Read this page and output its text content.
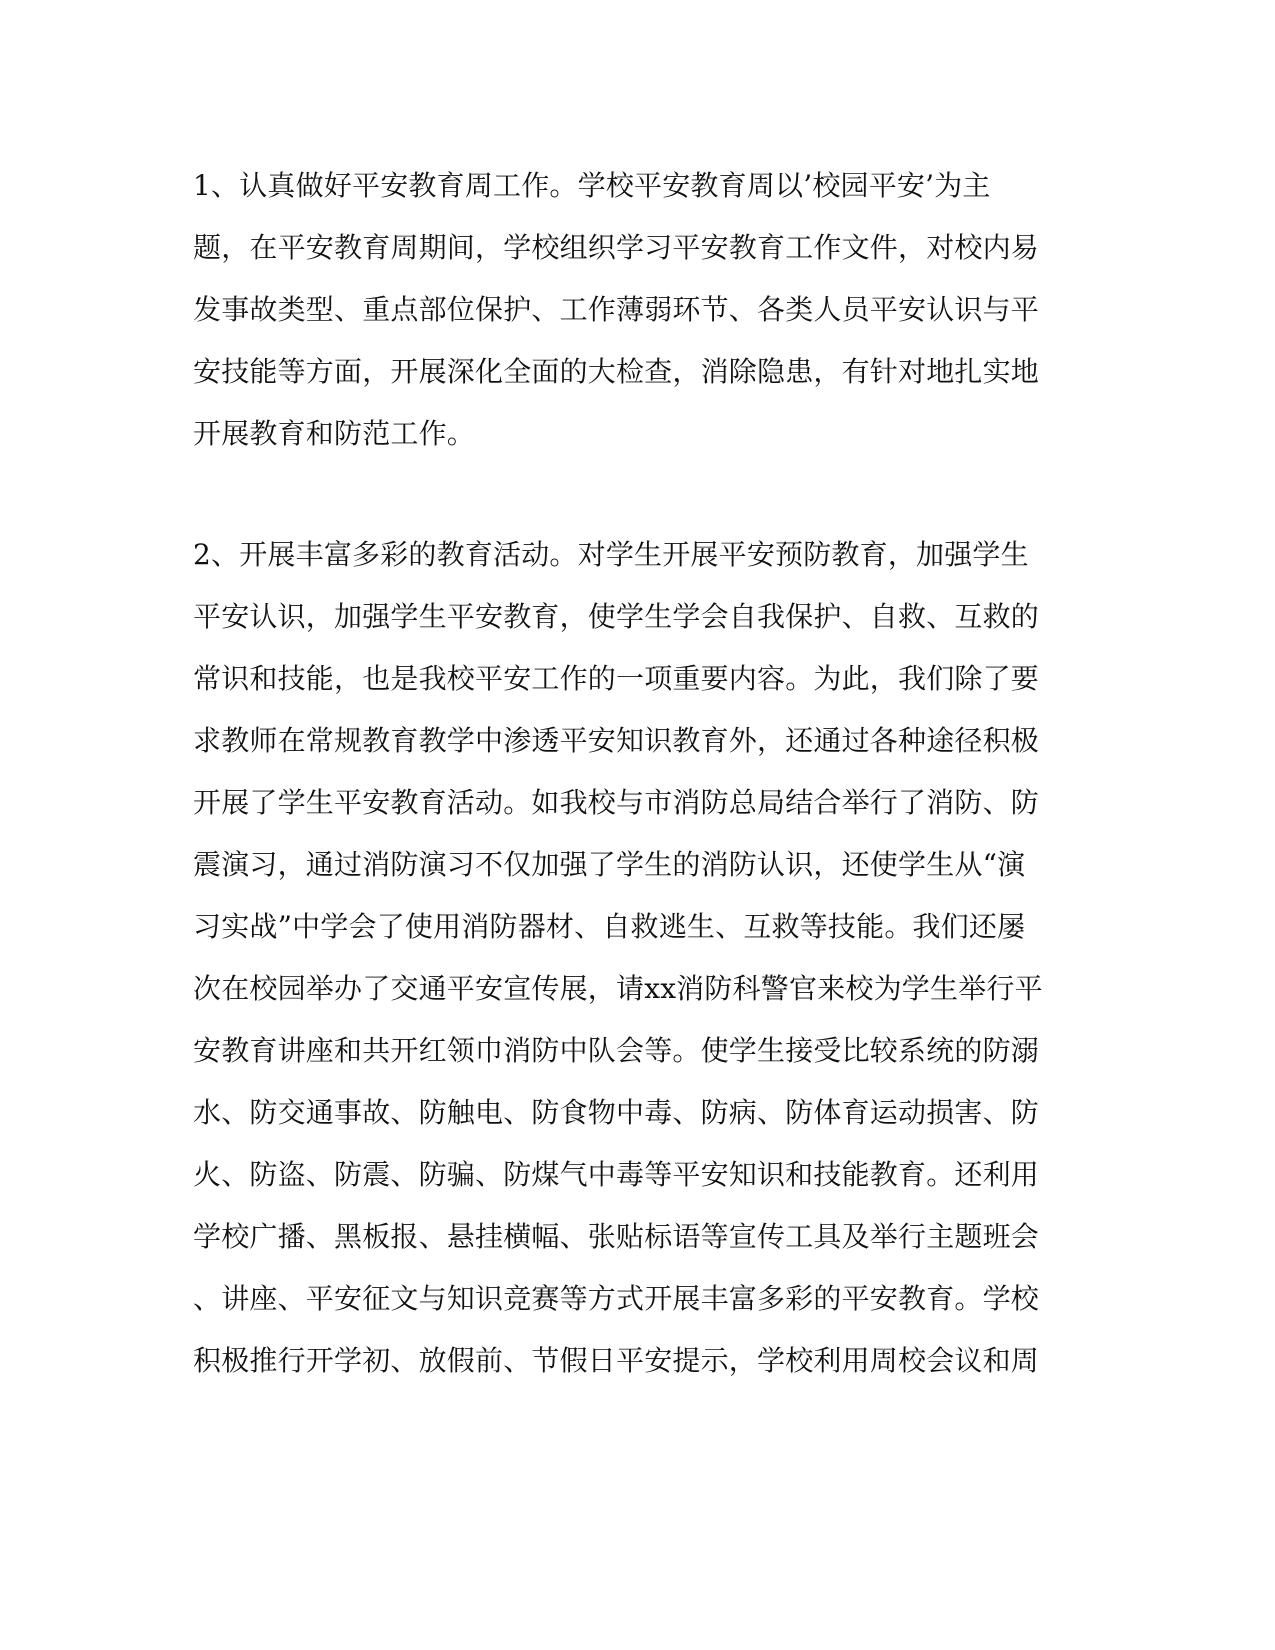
1、认真做好平安教育周工作。学校平安教育周以’校园平安’为主
题，在平安教育周期间，学校组织学习平安教育工作文件，对校内易
发事故类型、重点部位保护、工作薄弱环节、各类人员平安认识与平
安技能等方面，开展深化全面的大检查，消除隐患，有针对地扎实地
开展教育和防范工作。
2、开展丰富多彩的教育活动。对学生开展平安预防教育，加强学生
平安认识，加强学生平安教育，使学生学会自我保护、自救、互救的
常识和技能，也是我校平安工作的一项重要内容。为此，我们除了要
求教师在常规教育教学中渗透平安知识教育外，还通过各种途径积极
开展了学生平安教育活动。如我校与市消防总局结合举行了消防、防
震演习，通过消防演习不仅加强了学生的消防认识，还使学生从“演
习实战”中学会了使用消防器材、自救逃生、互救等技能。我们还屡
次在校园举办了交通平安宣传展，请xx消防科警官来校为学生举行平
安教育讲座和共开红领巾消防中队会等。使学生接受比较系统的防溺
水、防交通事故、防触电、防食物中毒、防病、防体育运动损害、防
火、防盗、防震、防骗、防煤气中毒等平安知识和技能教育。还利用
学校广播、黑板报、悬挂横幅、张贴标语等宣传工具及举行主题班会
、讲座、平安征文与知识竞赛等方式开展丰富多彩的平安教育。学校
积极推行开学初、放假前、节假日平安提示，学校利用周校会议和周
